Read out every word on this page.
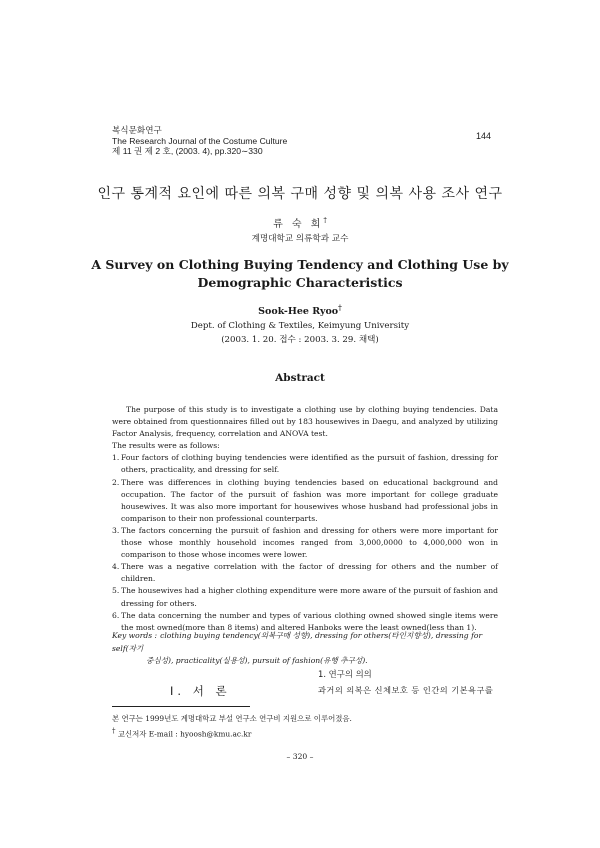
복식문화연구
The Research Journal of the Costume Culture
제 11 권 제 2 호, (2003. 4), pp.320∼330
144
인구 통계적 요인에 따른 의복 구매 성향 및 의복 사용 조사 연구
류 숙 희†
계명대학교 의류학과 교수
A Survey on Clothing Buying Tendency and Clothing Use by
Demographic Characteristics
Sook-Hee Ryoo†
Dept. of Clothing & Textiles, Keimyung University
(2003. 1. 20. 접수 : 2003. 3. 29. 채택)
Abstract

The purpose of this study is to investigate a clothing use by clothing buying tendencies. Data were obtained from questionnaires filled out by 183 housewives in Daegu, and analyzed by utilizing Factor Analysis, frequency, correlation and ANOVA test.

The results were as follows:
1. Four factors of clothing buying tendencies were identified as the pursuit of fashion, dressing for others, practicality, and dressing for self.
2. There was differences in clothing buying tendencies based on educational background and occupation. The factor of the pursuit of fashion was more important for college graduate housewives. It was also more important for housewives whose husband had professional jobs in comparison to their non professional counterparts.
3. The factors concerning the pursuit of fashion and dressing for others were more important for those whose monthly household incomes ranged from 3,000,0000 to 4,000,000 won in comparison to those whose incomes were lower.
4. There was a negative correlation with the factor of dressing for others and the number of children.
5. The housewives had a higher clothing expenditure were more aware of the pursuit of fashion and dressing for others.
6. The data concerning the number and types of various clothing owned showed single items were the most owned(more than 8 items) and altered Hanboks were the least owned(less than 1).
Key words : clothing buying tendency(의복구매 성향), dressing for others(타인지향성), dressing for self(자기
중심성), practicality(실용성), pursuit of fashion(유행 추구성).
1. 연구의 의의
Ⅰ. 서 론	과거의 의복은 신체보호 등 인간의 기본욕구를
본 연구는 1999년도 계명대학교 부설 연구소 연구비 지원으로 이루어졌음.
† 교신저자 E-mail : hyoosh@kmu.ac.kr
– 320 –
